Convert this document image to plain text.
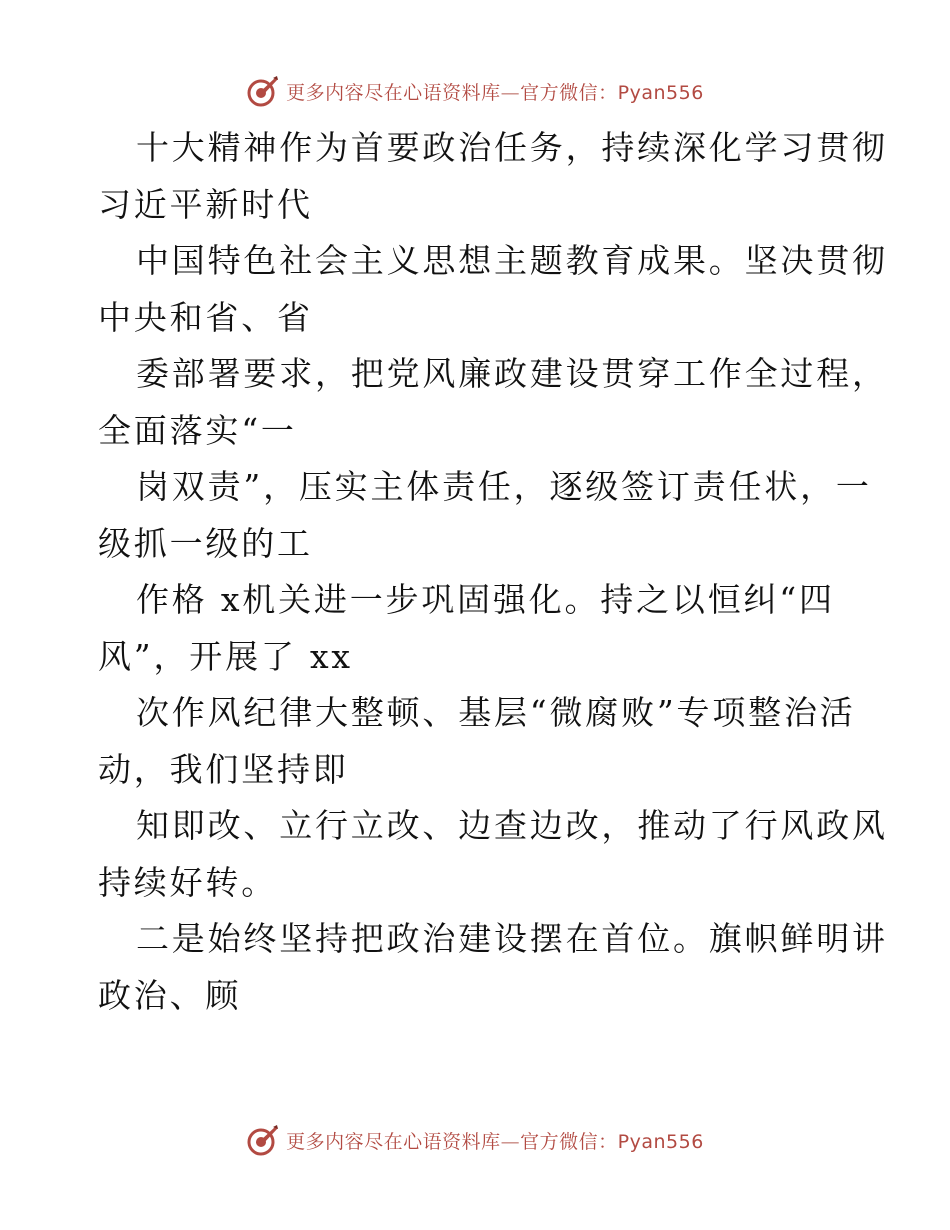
更多内容尽在心语资料库—官方微信：Pyan556
十大精神作为首要政治任务，持续深化学习贯彻
习近平新时代
中国特色社会主义思想主题教育成果。坚决贯彻
中央和省、省
委部署要求，把党风廉政建设贯穿工作全过程，
全面落实“一
岗双责”，压实主体责任，逐级签订责任状，一
级抓一级的工
作格 x机关进一步巩固强化。持之以恒纠“四
风”，开展了 xx
次作风纪律大整顿、基层“微腐败”专项整治活
动，我们坚持即
知即改、立行立改、边查边改，推动了行风政风
持续好转。
二是始终坚持把政治建设摆在首位。旗帜鲜明讲
政治、顾
更多内容尽在心语资料库—官方微信：Pyan556
